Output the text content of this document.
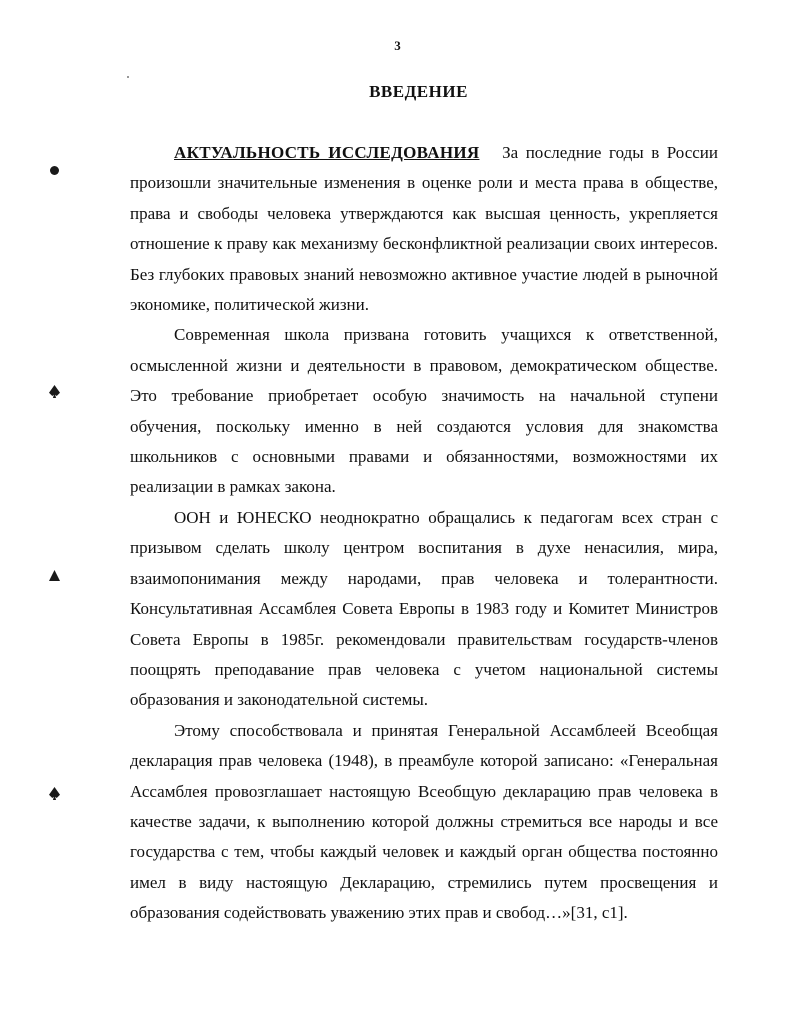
3
ВВЕДЕНИЕ

АКТУАЛЬНОСТЬ ИССЛЕДОВАНИЯ За последние годы в России произошли значительные изменения в оценке роли и места права в обществе, права и свободы человека утверждаются как высшая ценность, укрепляется отношение к праву как механизму бесконфликтной реализации своих интересов. Без глубоких правовых знаний невозможно активное участие людей в рыночной экономике, политической жизни.

Современная школа призвана готовить учащихся к ответственной, осмысленной жизни и деятельности в правовом, демократическом обществе. Это требование приобретает особую значимость на начальной ступени обучения, поскольку именно в ней создаются условия для знакомства школьников с основными правами и обязанностями, возможностями их реализации в рамках закона.

ООН и ЮНЕСКО неоднократно обращались к педагогам всех стран с призывом сделать школу центром воспитания в духе ненасилия, мира, взаимопонимания между народами, прав человека и толерантности. Консультативная Ассамблея Совета Европы в 1983 году и Комитет Министров Совета Европы в 1985г. рекомендовали правительствам государств-членов поощрять преподавание прав человека с учетом национальной системы образования и законодательной системы.

Этому способствовала и принятая Генеральной Ассамблеей Всеобщая декларация прав человека (1948), в преамбуле которой записано: «Генеральная Ассамблея провозглашает настоящую Всеобщую декларацию прав человека в качестве задачи, к выполнению которой должны стремиться все народы и все государства с тем, чтобы каждый человек и каждый орган общества постоянно имел в виду настоящую Декларацию, стремились путем просвещения и образования содействовать уважению этих прав и свобод…»[31, с1].
